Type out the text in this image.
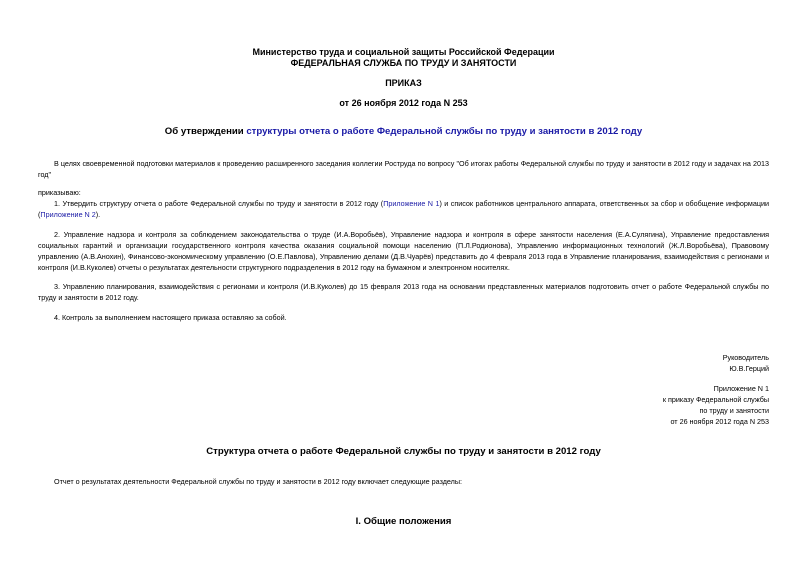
Министерство труда и социальной защиты Российской Федерации
ФЕДЕРАЛЬНАЯ СЛУЖБА ПО ТРУДУ И ЗАНЯТОСТИ
ПРИКАЗ
от 26 ноября 2012 года N 253
Об утверждении структуры отчета о работе Федеральной службы по труду и занятости в 2012 году
В целях своевременной подготовки материалов к проведению расширенного заседания коллегии Роструда по вопросу "Об итогах работы Федеральной службы по труду и занятости в 2012 году и задачах на 2013 год"
приказываю:
1. Утвердить структуру отчета о работе Федеральной службы по труду и занятости в 2012 году (Приложение N 1) и список работников центрального аппарата, ответственных за сбор и обобщение информации (Приложение N 2).
2. Управление надзора и контроля за соблюдением законодательства о труде (И.А.Воробьёв), Управление надзора и контроля в сфере занятости населения (Е.А.Сулягина), Управление предоставления социальных гарантий и организации государственного контроля качества оказания социальной помощи населению (П.Л.Родионова), Управлению информационных технологий (Ж.Л.Воробьёва), Правовому управлению (А.В.Анохин), Финансово-экономическому управлению (О.Е.Павлова), Управлению делами (Д.В.Чуарёв) представить до 4 февраля 2013 года в Управление планирования, взаимодействия с регионами и контроля (И.В.Куколев) отчеты о результатах деятельности структурного подразделения в 2012 году на бумажном и электронном носителях.
3. Управлению планирования, взаимодействия с регионами и контроля (И.В.Куколев) до 15 февраля 2013 года на основании представленных материалов подготовить отчет о работе Федеральной службы по труду и занятости в 2012 году.
4. Контроль за выполнением настоящего приказа оставляю за собой.
Руководитель
Ю.В.Герций
Приложение N 1
к приказу Федеральной службы
по труду и занятости
от 26 ноября 2012 года N 253
Структура отчета о работе Федеральной службы по труду и занятости в 2012 году
Отчет о результатах деятельности Федеральной службы по труду и занятости в 2012 году включает следующие разделы:
I. Общие положения
